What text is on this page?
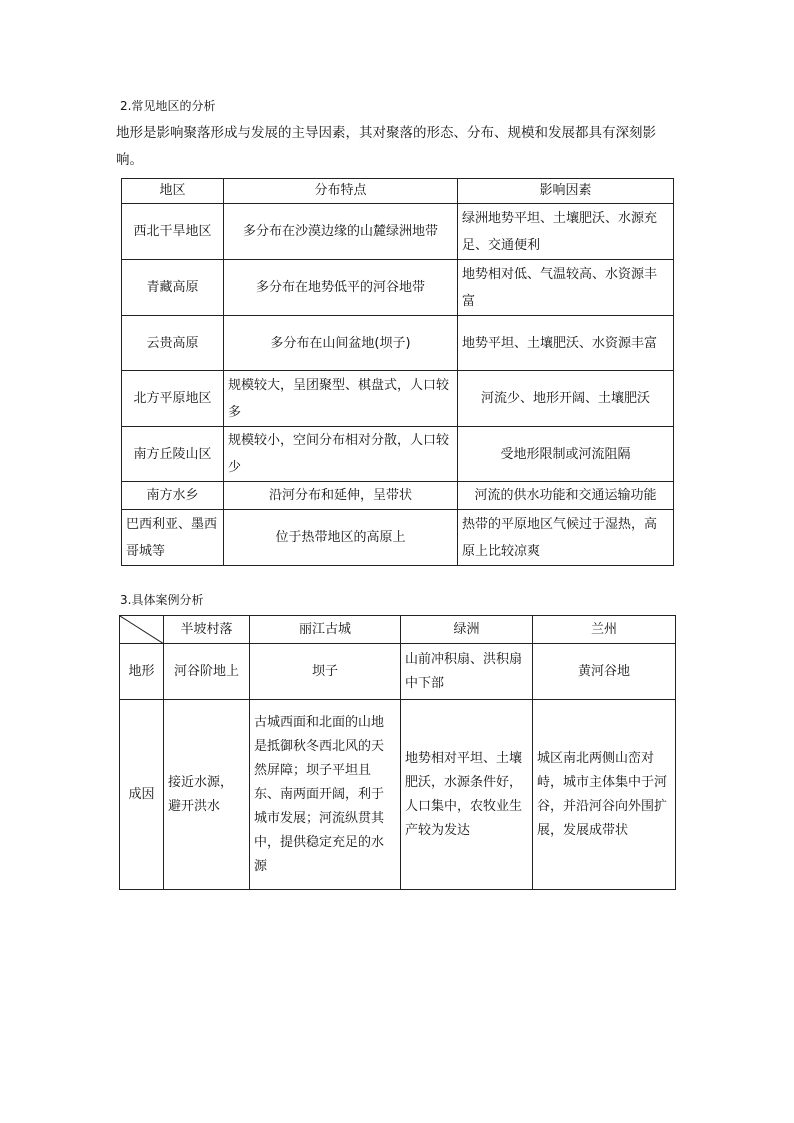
2.常见地区的分析
地形是影响聚落形成与发展的主导因素，其对聚落的形态、分布、规模和发展都具有深刻影响。
地区	分布特点	影响因素
西北干旱地区	多分布在沙漠边缘的山麓绿洲地带	绿洲地势平坦、土壤肥沃、水源充足、交通便利
青藏高原	多分布在地势低平的河谷地带	地势相对低、气温较高、水资源丰富
云贵高原	多分布在山间盆地(坝子)	地势平坦、土壤肥沃、水资源丰富
北方平原地区	规模较大，呈团聚型、棋盘式，人口较多	河流少、地形开阔、土壤肥沃
南方丘陵山区	规模较小，空间分布相对分散，人口较少	受地形限制或河流阻隔
南方水乡	沿河分布和延伸，呈带状	河流的供水功能和交通运输功能
巴西利亚、墨西哥城等	位于热带地区的高原上	热带的平原地区气候过于湿热，高原上比较凉爽
3.具体案例分析
	半坡村落	丽江古城	绿洲	兰州
地形	河谷阶地上	坝子	山前冲积扇、洪积扇中下部	黄河谷地
成因	接近水源，避开洪水	古城西面和北面的山地是抵御秋冬西北风的天然屏障；坝子平坦且东、南两面开阔，利于城市发展；河流纵贯其中，提供稳定充足的水源	地势相对平坦、土壤肥沃，水源条件好，人口集中，农牧业生产较为发达	城区南北两侧山峦对峙，城市主体集中于河谷，并沿河谷向外围扩展，发展成带状
